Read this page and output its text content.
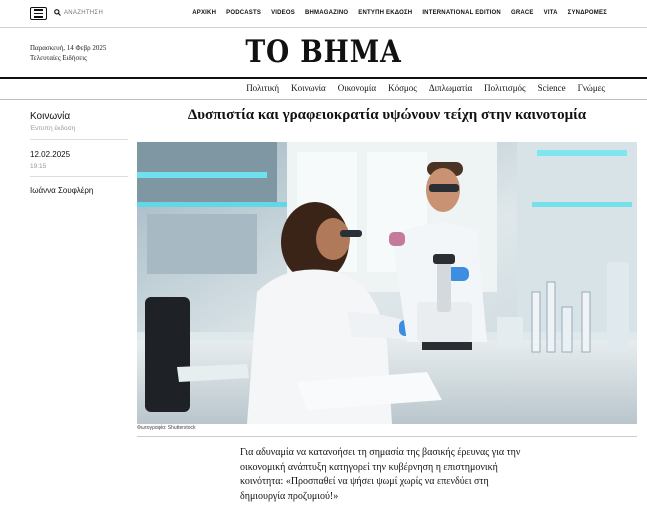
ΑΝΑΖΗΤΗΣΗ	ΑΡΧΙΚΗ PODCASTS VIDEOS BHMAGAZINO ΕΝΤΥΠΗ ΕΚΔΟΣΗ INTERNATIONAL EDITION GRACE VITA ΣΥΝΔΡΟΜΕΣ
Παρασκευή, 14 Φεβρ 2025
Τελευταίες Ειδήσεις	ΤΟ ΒΗΜΑ
Πολιτική Κοινωνία Οικονομία Κόσμος Διπλωματία Πολιτισμός Science Γνώμες
Κοινωνία
Έντυπη έκδοση
12.02.2025
19:15
Ιωάννα Σουφλέρη
Δυσπιστία και γραφειοκρατία υψώνουν τείχη στην καινοτομία
Φωτογραφία: Shutterstock

Για αδυναμία να κατανοήσει τη σημασία της βασικής έρευνας για την οικονομική ανάπτυξη κατηγορεί την κυβέρνηση η επιστημονική κοινότητα: «Προσπαθεί να ψήσει ψωμί χωρίς να επενδύει στη δημιουργία προζυμιού!»
